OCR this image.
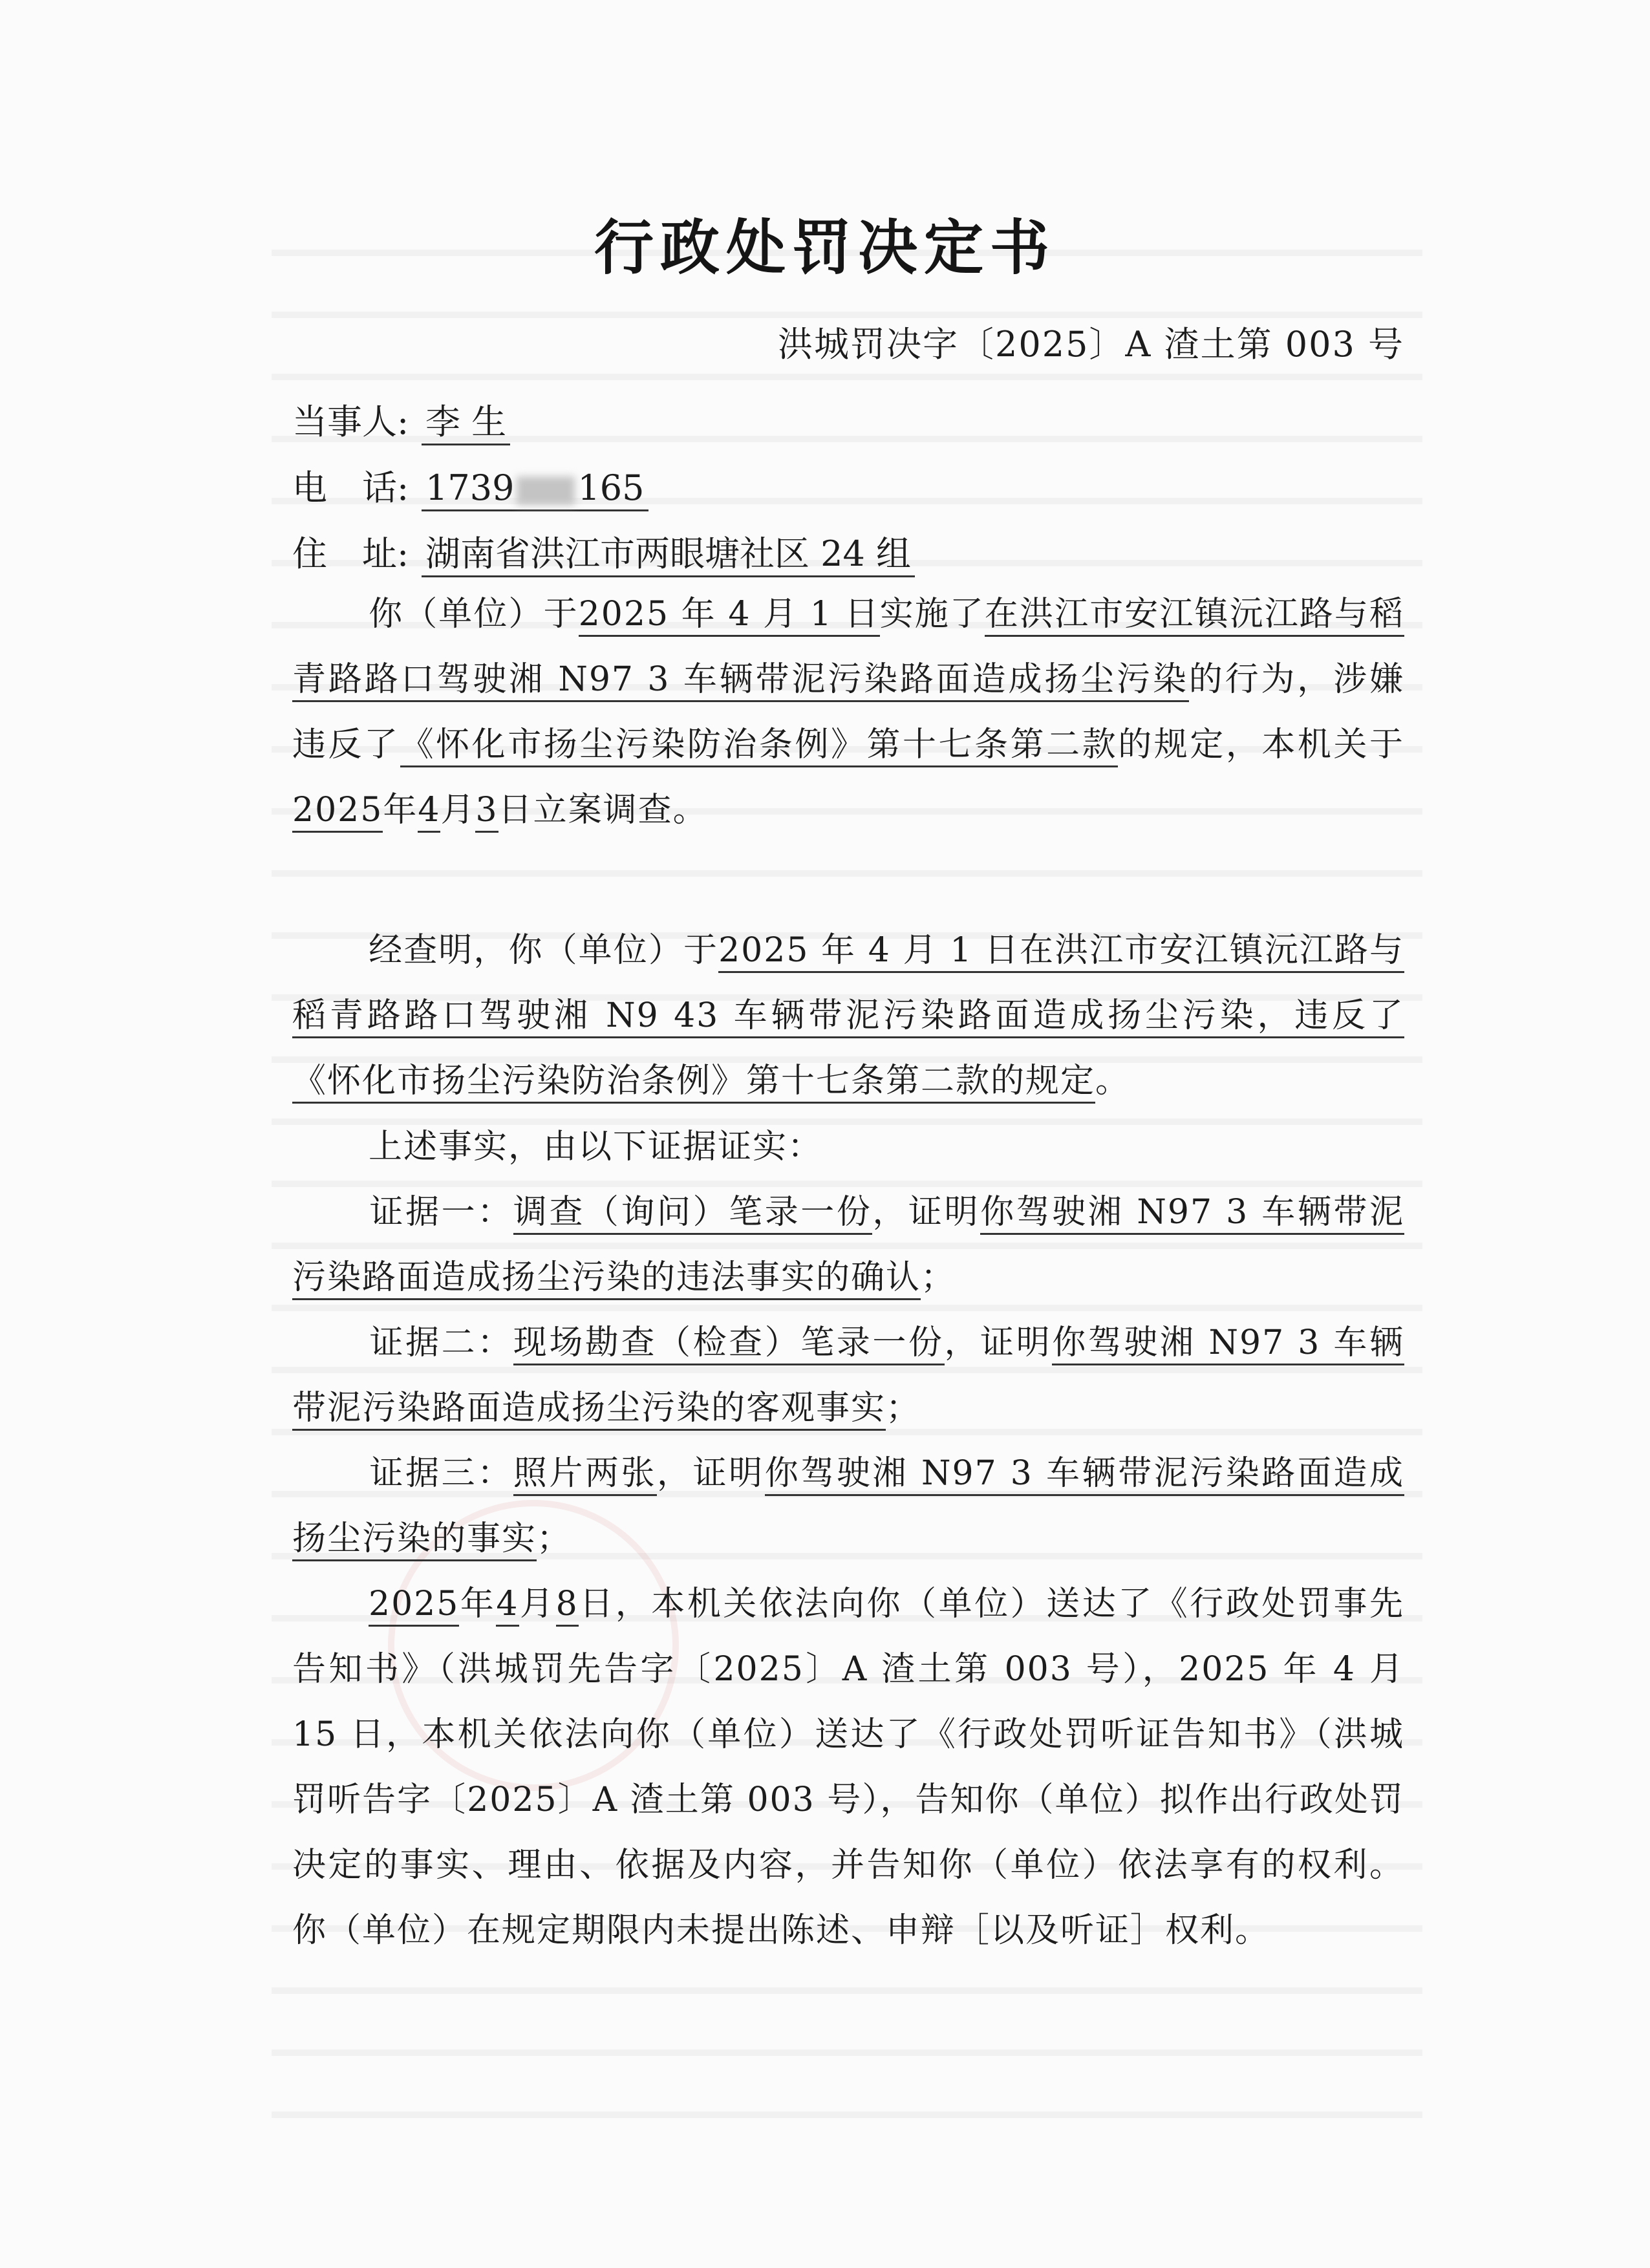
行政处罚决定书
洪城罚决字〔2025〕A 渣土第 003 号
当事人: 李 生
电　话: 1739 165
住　址: 湖南省洪江市两眼塘社区 24 组
你（单位）于2025 年 4 月 1 日实施了在洪江市安江镇沅江路与稻青路路口驾驶湘 N97 3 车辆带泥污染路面造成扬尘污染的行为，涉嫌违反了《怀化市扬尘污染防治条例》第十七条第二款的规定，本机关于2025年4月3日立案调查。
经查明，你（单位）于2025 年 4 月 1 日在洪江市安江镇沅江路与稻青路路口驾驶湘 N9 43 车辆带泥污染路面造成扬尘污染，违反了《怀化市扬尘污染防治条例》第十七条第二款的规定。
上述事实，由以下证据证实：
证据一：调查（询问）笔录一份，证明你驾驶湘 N97 3 车辆带泥污染路面造成扬尘污染的违法事实的确认；
证据二：现场勘查（检查）笔录一份，证明你驾驶湘 N97 3 车辆带泥污染路面造成扬尘污染的客观事实；
证据三：照片两张，证明你驾驶湘 N97 3 车辆带泥污染路面造成扬尘污染的事实；
2025年4月8日，本机关依法向你（单位）送达了《行政处罚事先告知书》（洪城罚先告字〔2025〕A 渣土第 003 号），2025 年 4 月 15 日，本机关依法向你（单位）送达了《行政处罚听证告知书》（洪城罚听告字〔2025〕A 渣土第 003 号），告知你（单位）拟作出行政处罚决定的事实、理由、依据及内容，并告知你（单位）依法享有的权利。你（单位）在规定期限内未提出陈述、申辩［以及听证］权利。
